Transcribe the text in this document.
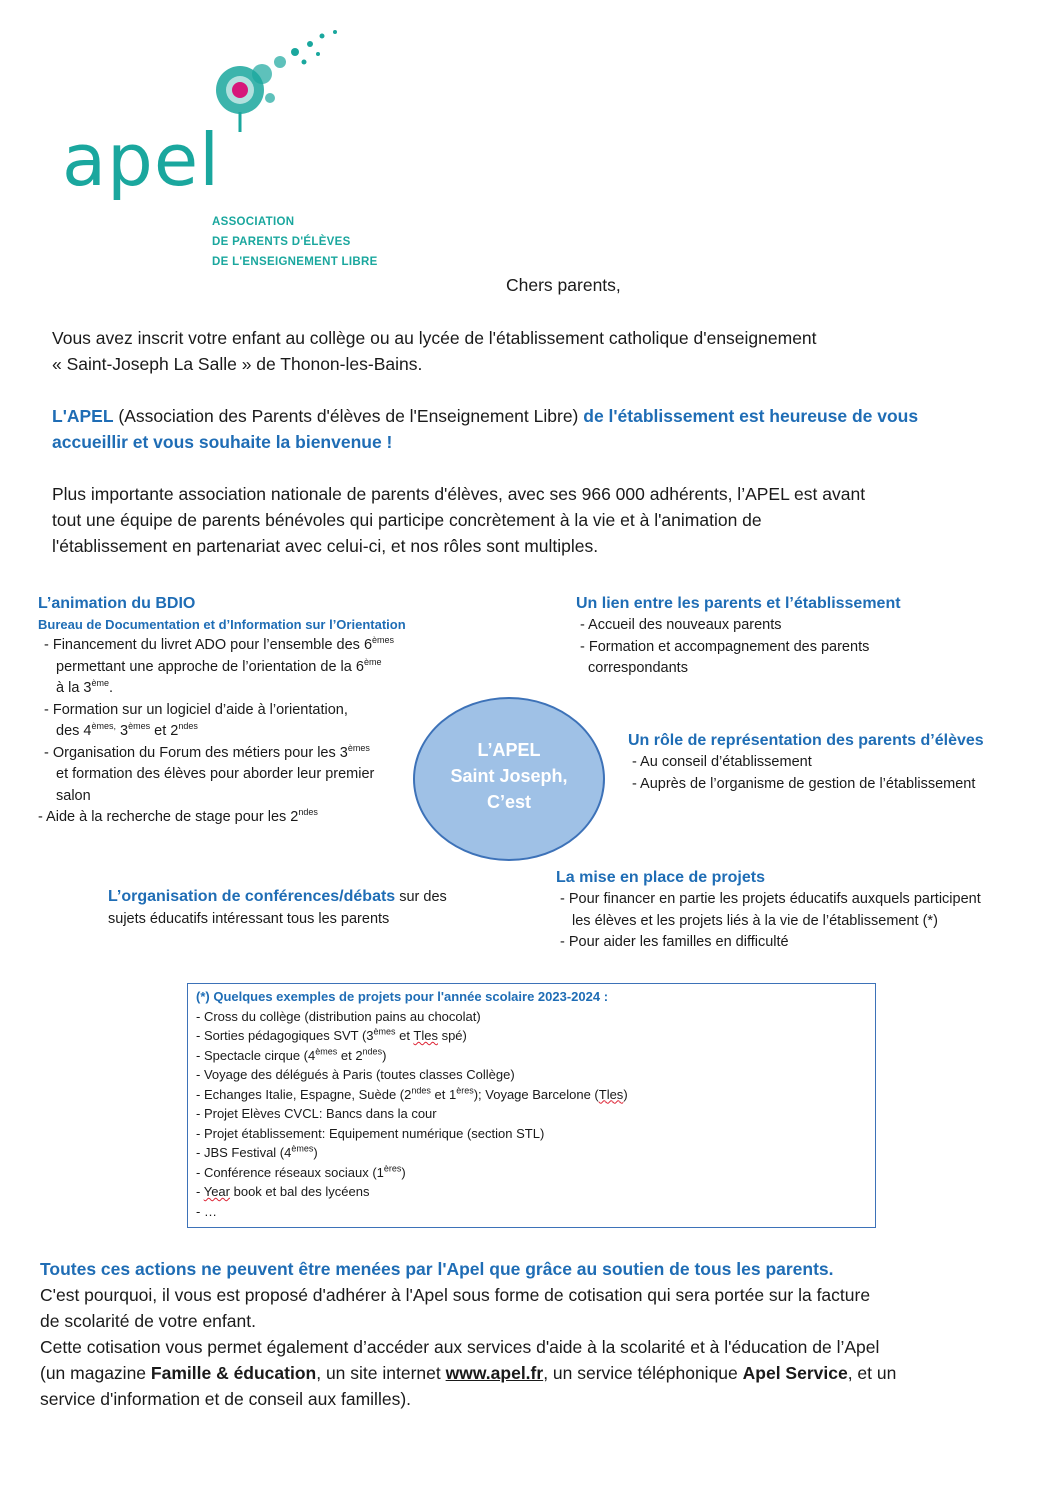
apel
ASSOCIATION
DE PARENTS D'ÉLÈVES
DE L'ENSEIGNEMENT LIBRE
Chers parents,
Vous avez inscrit votre enfant au collège ou au lycée de l'établissement catholique d'enseignement
« Saint-Joseph La Salle » de Thonon-les-Bains.
L'APEL (Association des Parents d'élèves de l'Enseignement Libre) de l'établissement est heureuse de vous
accueillir et vous souhaite la bienvenue !
Plus importante association nationale de parents d'élèves, avec ses 966 000 adhérents, l’APEL est avant
tout une équipe de parents bénévoles qui participe concrètement à la vie et à l'animation de
l'établissement en partenariat avec celui-ci, et nos rôles sont multiples.
L’animation du BDIO
Bureau de Documentation et d’Information sur l’Orientation
- Financement du livret ADO pour l’ensemble des 6èmes
permettant une approche de l’orientation de la 6ème
à la 3ème.
- Formation sur un logiciel d’aide à l’orientation,
des $4^{èmes,}$ 3èmes et $2^{ndes}$
- Organisation du Forum des métiers pour les 3èmes
et formation des élèves pour aborder leur premier
salon
- Aide à la recherche de stage pour les $2^{ndes}$
Un lien entre les parents et l’établissement
- Accueil des nouveaux parents
- Formation et accompagnement des parents
correspondants
L’APEL
Saint Joseph,
C’est
Un rôle de représentation des parents d’élèves
- Au conseil d’établissement
- Auprès de l’organisme de gestion de l’établissement
L’organisation de conférences/débats sur des
sujets éducatifs intéressant tous les parents
La mise en place de projets
- Pour financer en partie les projets éducatifs auxquels participent
les élèves et les projets liés à la vie de l’établissement (*)
- Pour aider les familles en difficulté
(*) Quelques exemples de projets pour l'année scolaire 2023-2024 :
- Cross du collège (distribution pains au chocolat)
- Sorties pédagogiques SVT (3èmes et Tles spé)
- Spectacle cirque (4èmes et $2^{ndes}$)
- Voyage des délégués à Paris (toutes classes Collège)
- Echanges Italie, Espagne, Suède ($2^{ndes}$ et 1ères); Voyage Barcelone (Tles)
- Projet Elèves CVCL: Bancs dans la cour
- Projet établissement: Equipement numérique (section STL)
- JBS Festival (4èmes)
- Conférence réseaux sociaux (1ères)
- Year book et bal des lycéens
- …
Toutes ces actions ne peuvent être menées par l'Apel que grâce au soutien de tous les parents.
C'est pourquoi, il vous est proposé d'adhérer à l'Apel sous forme de cotisation qui sera portée sur la facture
de scolarité de votre enfant.
Cette cotisation vous permet également d’accéder aux services d'aide à la scolarité et à l'éducation de l’Apel
(un magazine Famille & éducation, un site internet www.apel.fr, un service téléphonique Apel Service, et un
service d'information et de conseil aux familles).
